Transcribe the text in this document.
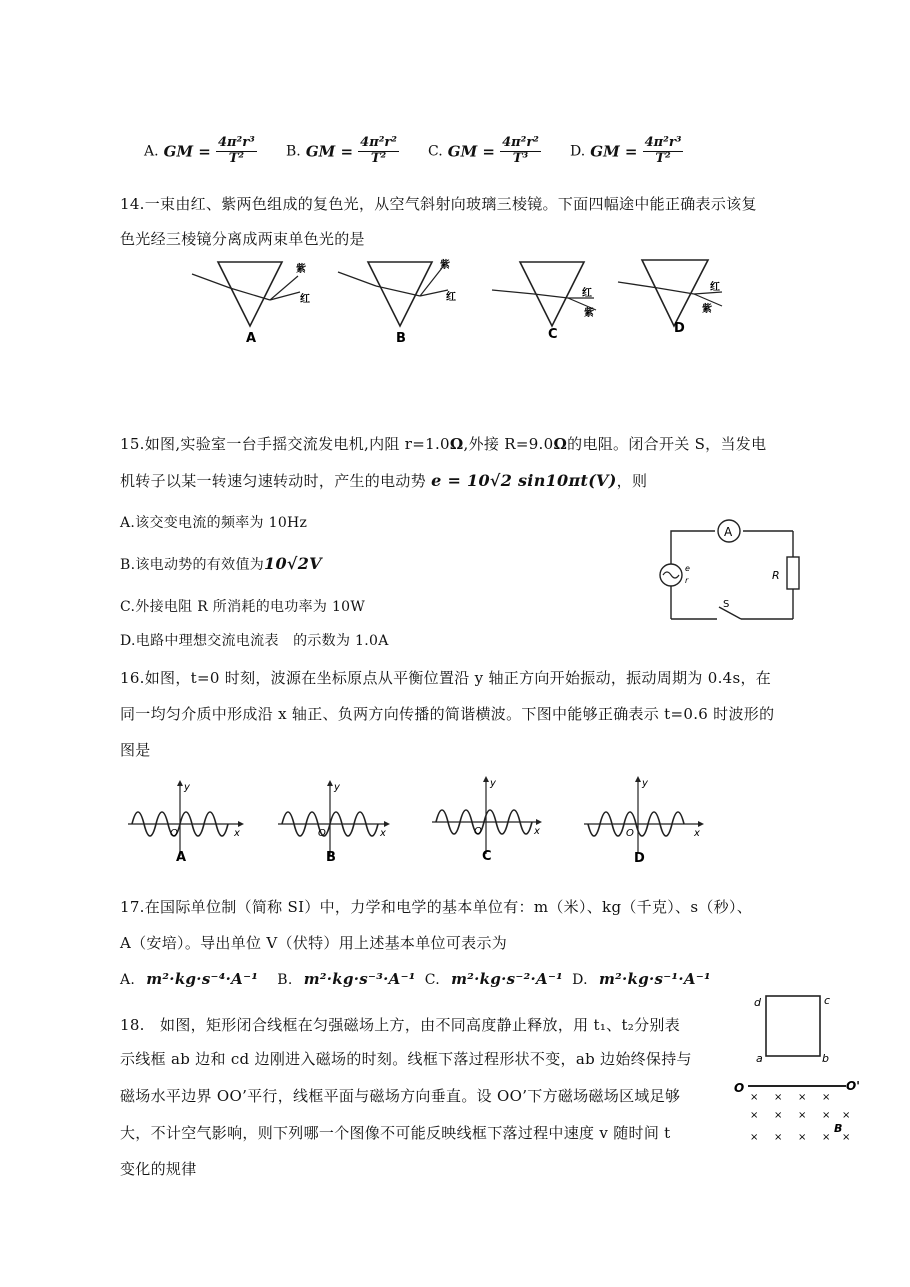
A. GM = $\frac{\text{4π²r³}}{\text{T²}} B$. GM = $\frac{\text{4π²r²}}{\text{T²}} C$. GM = $\frac{\text{4π²r²}}{\text{T³}} D$. GM = $\frac{\text{4π²r³}}{\text{T²}}$
14.一束由红、紫两色组成的复色光，从空气斜射向玻璃三棱镜。下面四幅途中能正确表示该复
色光经三棱镜分离成两束单色光的是
紫
红
A
紫
红
B
红
紫
C
红
紫
D
15.如图,实验室一台手摇交流发电机,内阻 r=1.0Ω,外接 R=9.0Ω的电阻。闭合开关 S，当发电
机转子以某一转速匀速转动时，产生的电动势 e = 10√2 sin10πt(V)，则
A.该交变电流的频率为 10Hz
B.该电动势的有效值为10√2V
C.外接电阻 R 所消耗的电功率为 10W
D.电路中理想交流电流表　的示数为 1.0A
A
e
r	R
S
16.如图，t=0 时刻，波源在坐标原点从平衡位置沿 y 轴正方向开始振动，振动周期为 0.4s，在
同一均匀介质中形成沿 x 轴正、负两方向传播的简谐横波。下图中能够正确表示 t=0.6 时波形的
图是
x
y
O
A
x
y
O
B
x
y
O
C
x
y
O
D
17.在国际单位制（简称 SI）中，力学和电学的基本单位有：m（米）、kg（千克）、s（秒）、
A（安培）。导出单位 V（伏特）用上述基本单位可表示为
A. m²·kg·s⁻⁴·A⁻¹ B. m²·kg·s⁻³·A⁻¹ C. m²·kg·s⁻²·A⁻¹ D. m²·kg·s⁻¹·A⁻¹
18.　如图，矩形闭合线框在匀强磁场上方，由不同高度静止释放，用 t₁、t₂分别表
示线框 ab 边和 cd 边刚进入磁场的时刻。线框下落过程形状不变，ab 边始终保持与
磁场水平边界 OO’平行，线框平面与磁场方向垂直。设 OO’下方磁场磁场区域足够
大，不计空气影响，则下列哪一个图像不可能反映线框下落过程中速度 v 随时间 t
变化的规律
d	c
a	b
O	O'
× × × ×
× × × × ×
× × × × ×
B
